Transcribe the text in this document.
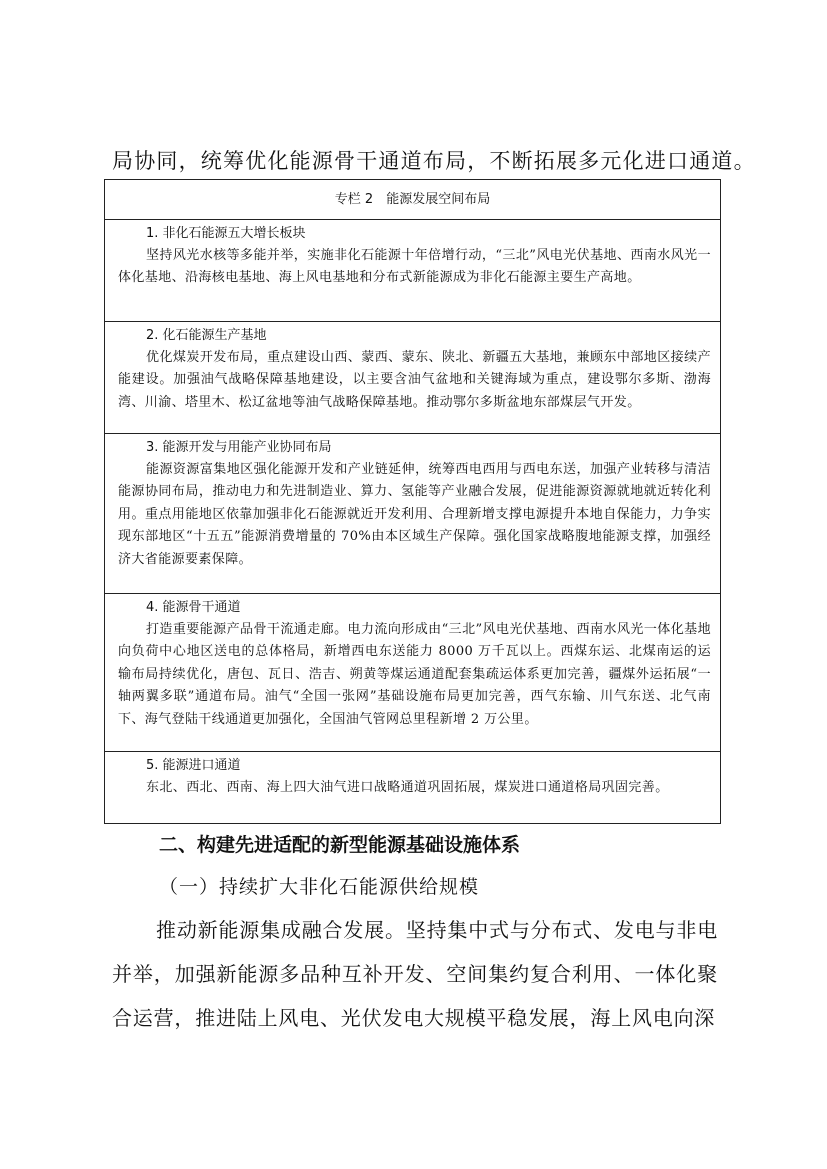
局协同，统筹优化能源骨干通道布局，不断拓展多元化进口通道。
专栏 2　能源发展空间布局
1. 非化石能源五大增长板块
坚持风光水核等多能并举，实施非化石能源十年倍增行动，“三北”风电光伏基地、西南水风光一体化基地、沿海核电基地、海上风电基地和分布式新能源成为非化石能源主要生产高地。
2. 化石能源生产基地
优化煤炭开发布局，重点建设山西、蒙西、蒙东、陕北、新疆五大基地，兼顾东中部地区接续产能建设。加强油气战略保障基地建设，以主要含油气盆地和关键海域为重点，建设鄂尔多斯、渤海湾、川渝、塔里木、松辽盆地等油气战略保障基地。推动鄂尔多斯盆地东部煤层气开发。
3. 能源开发与用能产业协同布局
能源资源富集地区强化能源开发和产业链延伸，统筹西电西用与西电东送，加强产业转移与清洁能源协同布局，推动电力和先进制造业、算力、氢能等产业融合发展，促进能源资源就地就近转化利用。重点用能地区依靠加强非化石能源就近开发利用、合理新增支撑电源提升本地自保能力，力争实现东部地区“十五五”能源消费增量的 70%由本区域生产保障。强化国家战略腹地能源支撑，加强经济大省能源要素保障。
4. 能源骨干通道
打造重要能源产品骨干流通走廊。电力流向形成由“三北”风电光伏基地、西南水风光一体化基地向负荷中心地区送电的总体格局，新增西电东送能力 8000 万千瓦以上。西煤东运、北煤南运的运输布局持续优化，唐包、瓦日、浩吉、朔黄等煤运通道配套集疏运体系更加完善，疆煤外运拓展“一轴两翼多联”通道布局。油气“全国一张网”基础设施布局更加完善，西气东输、川气东送、北气南下、海气登陆干线通道更加强化，全国油气管网总里程新增 2 万公里。
5. 能源进口通道
东北、西北、西南、海上四大油气进口战略通道巩固拓展，煤炭进口通道格局巩固完善。
二、构建先进适配的新型能源基础设施体系
（一）持续扩大非化石能源供给规模
推动新能源集成融合发展。坚持集中式与分布式、发电与非电并举，加强新能源多品种互补开发、空间集约复合利用、一体化聚合运营，推进陆上风电、光伏发电大规模平稳发展，海上风电向深
